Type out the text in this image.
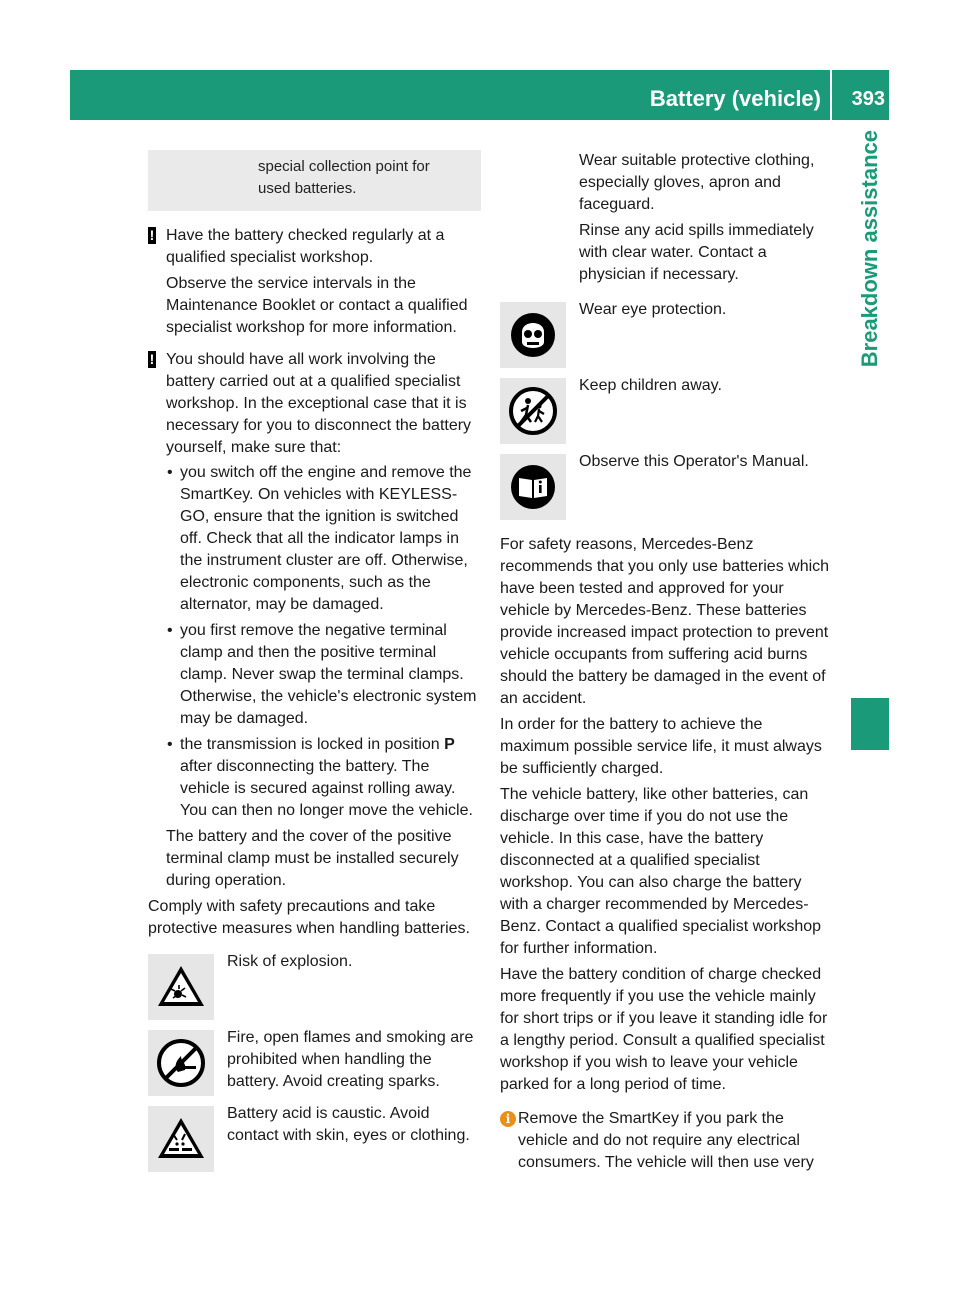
Battery (vehicle) 393
Breakdown assistance
special collection point for
used batteries.

! Have the battery checked regularly at a qualified specialist workshop.

Observe the service intervals in the Maintenance Booklet or contact a qualified specialist workshop for more information.

! You should have all work involving the battery carried out at a qualified specialist workshop. In the exceptional case that it is necessary for you to disconnect the battery yourself, make sure that:

• you switch off the engine and remove the SmartKey. On vehicles with KEYLESS-GO, ensure that the ignition is switched off. Check that all the indicator lamps in the instrument cluster are off. Otherwise, electronic components, such as the alternator, may be damaged.
• you first remove the negative terminal clamp and then the positive terminal clamp. Never swap the terminal clamps. Otherwise, the vehicle's electronic system may be damaged.
• the transmission is locked in position P after disconnecting the battery. The vehicle is secured against rolling away. You can then no longer move the vehicle.

The battery and the cover of the positive terminal clamp must be installed securely during operation.

Comply with safety precautions and take protective measures when handling batteries.

Risk of explosion.
Fire, open flames and smoking are prohibited when handling the battery. Avoid creating sparks.
Battery acid is caustic. Avoid contact with skin, eyes or clothing.

Wear suitable protective clothing, especially gloves, apron and faceguard.

Rinse any acid spills immediately with clear water. Contact a physician if necessary.

Wear eye protection.
Keep children away.
Observe this Operator's Manual.

For safety reasons, Mercedes-Benz recommends that you only use batteries which have been tested and approved for your vehicle by Mercedes-Benz. These batteries provide increased impact protection to prevent vehicle occupants from suffering acid burns should the battery be damaged in the event of an accident.

In order for the battery to achieve the maximum possible service life, it must always be sufficiently charged.

The vehicle battery, like other batteries, can discharge over time if you do not use the vehicle. In this case, have the battery disconnected at a qualified specialist workshop. You can also charge the battery with a charger recommended by Mercedes-Benz. Contact a qualified specialist workshop for further information.

Have the battery condition of charge checked more frequently if you use the vehicle mainly for short trips or if you leave it standing idle for a lengthy period. Consult a qualified specialist workshop if you wish to leave your vehicle parked for a long period of time.

i Remove the SmartKey if you park the vehicle and do not require any electrical consumers. The vehicle will then use very
